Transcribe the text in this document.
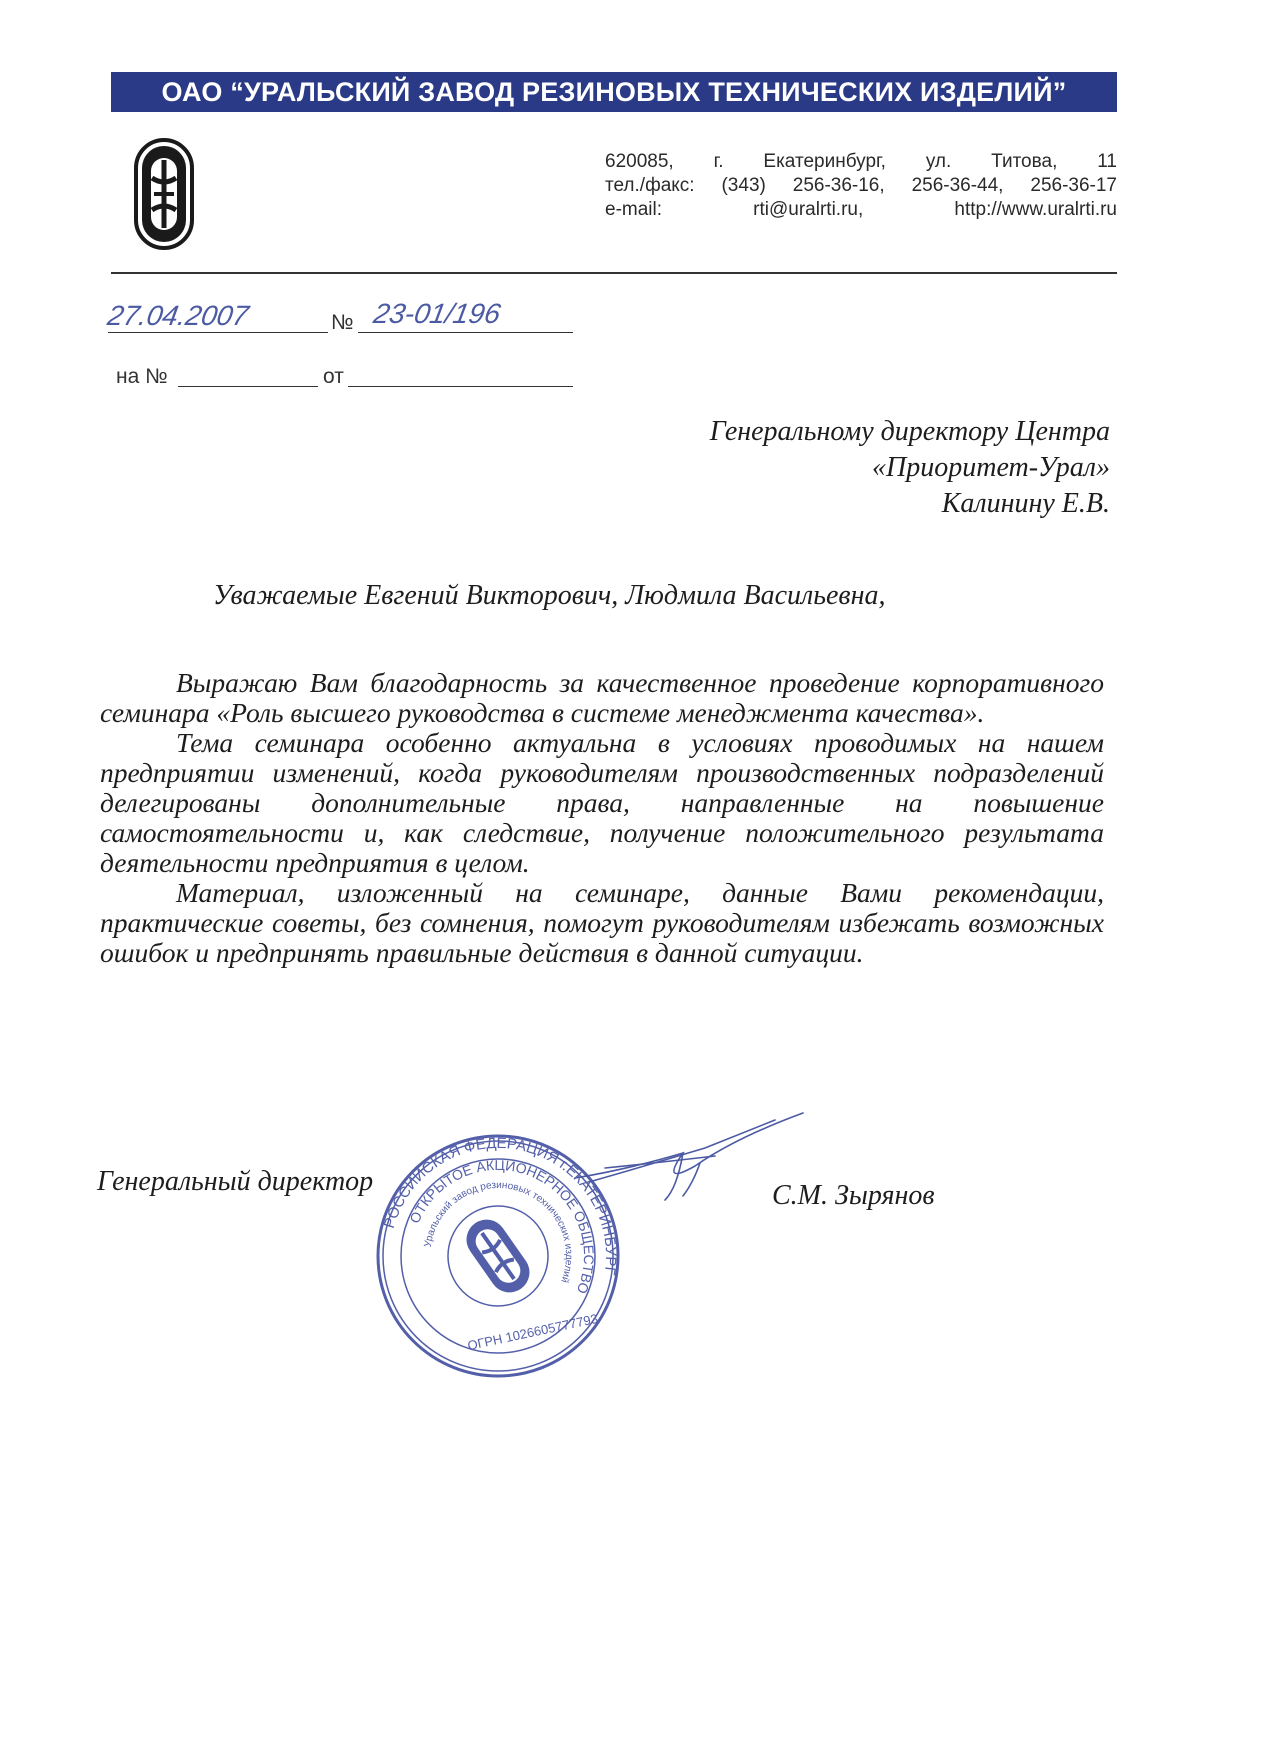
ОАО “УРАЛЬСКИЙ ЗАВОД РЕЗИНОВЫХ ТЕХНИЧЕСКИХ ИЗДЕЛИЙ”
620085, г. Екатеринбург, ул. Титова, 11
тел./факс: (343) 256-36-16, 256-36-44, 256-36-17
e-mail: rti@uralrti.ru, http://www.uralrti.ru
27.04.2007	№ 23-01/196
на №	от
Генеральному директору Центра
«Приоритет-Урал»
Калинину Е.В.
Уважаемые Евгений Викторович, Людмила Васильевна,

Выражаю Вам благодарность за качественное проведение корпоративного семинара «Роль высшего руководства в системе менеджмента качества».

Тема семинара особенно актуальна в условиях проводимых на нашем предприятии изменений, когда руководителям производственных подразделений делегированы дополнительные права, направленные на повышение самостоятельности и, как следствие, получение положительного результата деятельности предприятия в целом.

Материал, изложенный на семинаре, данные Вами рекомендации, практические советы, без сомнения, помогут руководителям избежать возможных ошибок и предпринять правильные действия в данной ситуации.

Генеральный директор
РОССИЙСКАЯ ФЕДЕРАЦИЯ г.ЕКАТЕРИНБУРГ
ОТКРЫТОЕ АКЦИОНЕРНОЕ ОБЩЕСТВО
Уральский завод резиновых технических изделий
ОГРН 1026605777793
С.М. Зырянов
